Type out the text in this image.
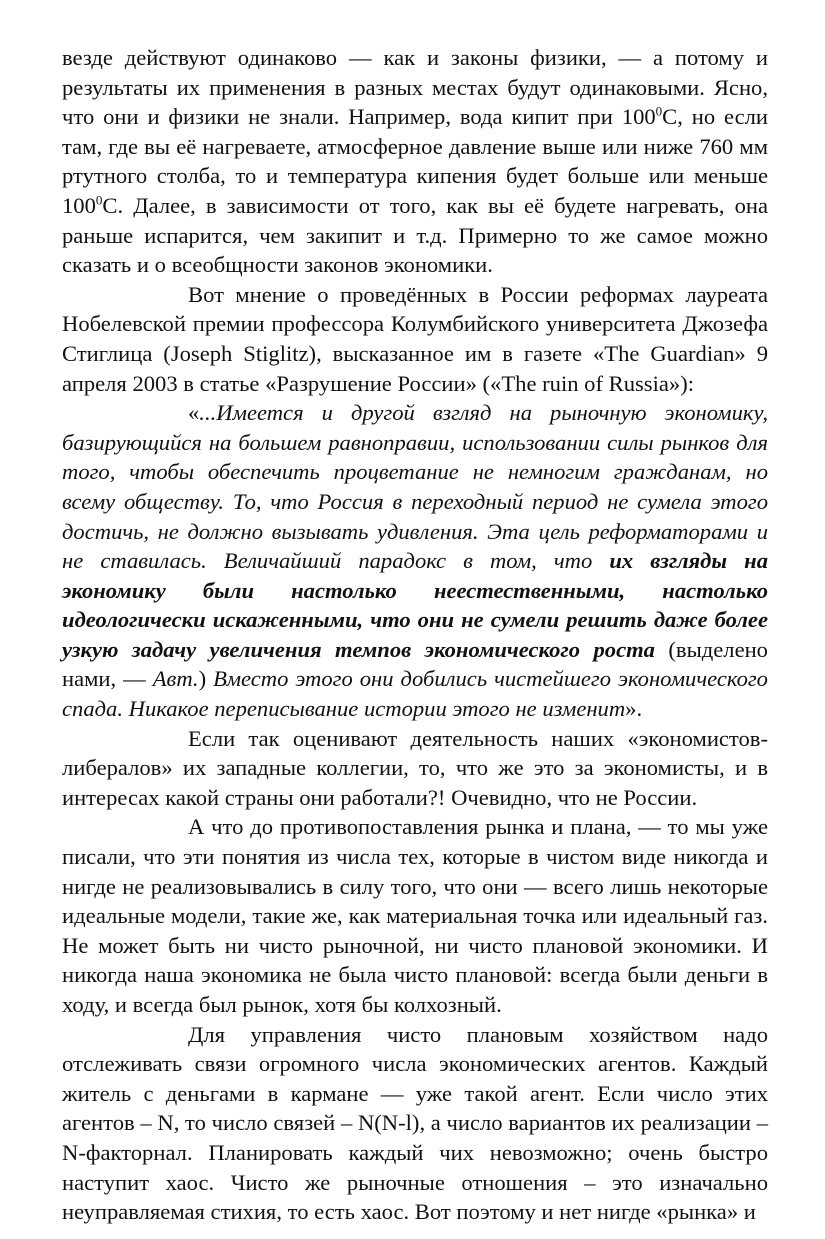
везде действуют одинаково — как и законы физики, — а потому и результаты их применения в разных местах будут одинаковыми. Ясно, что они и физики не знали. Например, вода кипит при $100^0С$, но если там, где вы её нагреваете, атмосферное давление выше или ниже 760 мм ртутного столба, то и температура кипения будет больше или меньше $100^0С$. Далее, в зависимости от того, как вы её будете нагревать, она раньше испарится, чем закипит и т.д. Примерно то же самое можно сказать и о всеобщности законов экономики.

Вот мнение о проведённых в России реформах лауреата Нобелевской премии профессора Колумбийского университета Джозефа Стиглица (Joseph Stiglitz), высказанное им в газете «The Guardian» 9 апреля 2003 в статье «Разрушение России» («The ruin of Russia»):

«...Имеется и другой взгляд на рыночную экономику, базирующийся на большем равноправии, использовании силы рынков для того, чтобы обеспечить процветание не немногим гражданам, но всему обществу. То, что Россия в переходный период не сумела этого достичь, не должно вызывать удивления. Эта цель реформаторами и не ставилась. Величайший парадокс в том, что их взгляды на экономику были настолько неестественными, настолько идеологически искаженными, что они не сумели решить даже более узкую задачу увеличения темпов экономического роста (выделено нами, — Авт.) Вместо этого они добились чистейшего экономического спада. Никакое переписывание истории этого не изменит».

Если так оценивают деятельность наших «экономистов-либералов» их западные коллегии, то, что же это за экономисты, и в интересах какой страны они работали?! Очевидно, что не России.

А что до противопоставления рынка и плана, — то мы уже писали, что эти понятия из числа тех, которые в чистом виде никогда и нигде не реализовывались в силу того, что они — всего лишь некоторые идеальные модели, такие же, как материальная точка или идеальный газ. Не может быть ни чисто рыночной, ни чисто плановой экономики. И никогда наша экономика не была чисто плановой: всегда были деньги в ходу, и всегда был рынок, хотя бы колхозный.

Для управления чисто плановым хозяйством надо отслеживать связи огромного числа экономических агентов. Каждый житель с деньгами в кармане — уже такой агент. Если число этих агентов – N, то число связей – N(N-l), а число вариантов их реализации – N-факторнал. Планировать каждый чих невозможно; очень быстро наступит хаос. Чисто же рыночные отношения – это изначально неуправляемая стихия, то есть хаос. Вот поэтому и нет нигде «рынка» и
